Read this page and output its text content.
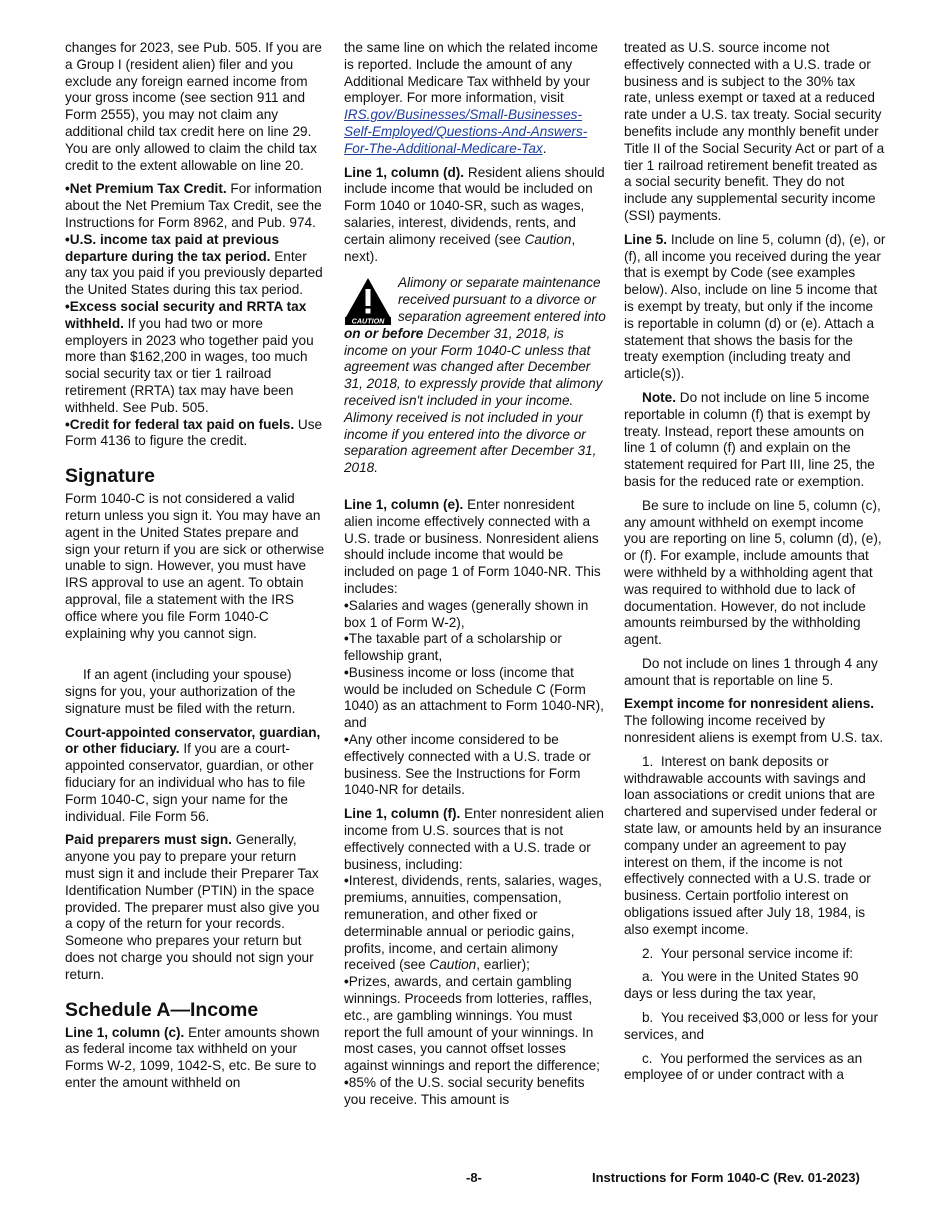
changes for 2023, see Pub. 505. If you are a Group I (resident alien) filer and you exclude any foreign earned income from your gross income (see section 911 and Form 2555), you may not claim any additional child tax credit here on line 29. You are only allowed to claim the child tax credit to the extent allowable on line 20.

• Net Premium Tax Credit. For information about the Net Premium Tax Credit, see the Instructions for Form 8962, and Pub. 974.

• U.S. income tax paid at previous departure during the tax period. Enter any tax you paid if you previously departed the United States during this tax period.

• Excess social security and RRTA tax withheld. If you had two or more employers in 2023 who together paid you more than $162,200 in wages, too much social security tax or tier 1 railroad retirement (RRTA) tax may have been withheld. See Pub. 505.

• Credit for federal tax paid on fuels. Use Form 4136 to figure the credit.

Signature

Form 1040-C is not considered a valid return unless you sign it. You may have an agent in the United States prepare and sign your return if you are sick or otherwise unable to sign. However, you must have IRS approval to use an agent. To obtain approval, file a statement with the IRS office where you file Form 1040-C explaining why you cannot sign.

If an agent (including your spouse) signs for you, your authorization of the signature must be filed with the return.

Court-appointed conservator, guardian, or other fiduciary. If you are a court-appointed conservator, guardian, or other fiduciary for an individual who has to file Form 1040-C, sign your name for the individual. File Form 56.

Paid preparers must sign. Generally, anyone you pay to prepare your return must sign it and include their Preparer Tax Identification Number (PTIN) in the space provided. The preparer must also give you a copy of the return for your records. Someone who prepares your return but does not charge you should not sign your return.

Schedule A—Income

Line 1, column (c). Enter amounts shown as federal income tax withheld on your Forms W-2, 1099, 1042-S, etc. Be sure to enter the amount withheld on

the same line on which the related income is reported. Include the amount of any Additional Medicare Tax withheld by your employer. For more information, visit IRS.gov/Businesses/Small-Businesses-Self-Employed/Questions-And-Answers-For-The-Additional-Medicare-Tax.

Line 1, column (d). Resident aliens should include income that would be included on Form 1040 or 1040-SR, such as wages, salaries, interest, dividends, rents, and certain alimony received (see Caution, next).

CAUTION
Alimony or separate maintenance received pursuant to a divorce or separation agreement entered into on or before December 31, 2018, is income on your Form 1040-C unless that agreement was changed after December 31, 2018, to expressly provide that alimony received isn't included in your income. Alimony received is not included in your income if you entered into the divorce or separation agreement after December 31, 2018.

Line 1, column (e). Enter nonresident alien income effectively connected with a U.S. trade or business. Nonresident aliens should include income that would be included on page 1 of Form 1040-NR. This includes:

• Salaries and wages (generally shown in box 1 of Form W-2),

• The taxable part of a scholarship or fellowship grant,

• Business income or loss (income that would be included on Schedule C (Form 1040) as an attachment to Form 1040-NR), and

• Any other income considered to be effectively connected with a U.S. trade or business. See the Instructions for Form 1040-NR for details.

Line 1, column (f). Enter nonresident alien income from U.S. sources that is not effectively connected with a U.S. trade or business, including:

• Interest, dividends, rents, salaries, wages, premiums, annuities, compensation, remuneration, and other fixed or determinable annual or periodic gains, profits, income, and certain alimony received (see Caution, earlier);

• Prizes, awards, and certain gambling winnings. Proceeds from lotteries, raffles, etc., are gambling winnings. You must report the full amount of your winnings. In most cases, you cannot offset losses against winnings and report the difference;

• 85% of the U.S. social security benefits you receive. This amount is

treated as U.S. source income not effectively connected with a U.S. trade or business and is subject to the 30% tax rate, unless exempt or taxed at a reduced rate under a U.S. tax treaty. Social security benefits include any monthly benefit under Title II of the Social Security Act or part of a tier 1 railroad retirement benefit treated as a social security benefit. They do not include any supplemental security income (SSI) payments.

Line 5. Include on line 5, column (d), (e), or (f), all income you received during the year that is exempt by Code (see examples below). Also, include on line 5 income that is exempt by treaty, but only if the income is reportable in column (d) or (e). Attach a statement that shows the basis for the treaty exemption (including treaty and article(s)).

Note. Do not include on line 5 income reportable in column (f) that is exempt by treaty. Instead, report these amounts on line 1 of column (f) and explain on the statement required for Part III, line 25, the basis for the reduced rate or exemption.

Be sure to include on line 5, column (c), any amount withheld on exempt income you are reporting on line 5, column (d), (e), or (f). For example, include amounts that were withheld by a withholding agent that was required to withhold due to lack of documentation. However, do not include amounts reimbursed by the withholding agent.

Do not include on lines 1 through 4 any amount that is reportable on line 5.

Exempt income for nonresident aliens. The following income received by nonresident aliens is exempt from U.S. tax.

1.  Interest on bank deposits or withdrawable accounts with savings and loan associations or credit unions that are chartered and supervised under federal or state law, or amounts held by an insurance company under an agreement to pay interest on them, if the income is not effectively connected with a U.S. trade or business. Certain portfolio interest on obligations issued after July 18, 1984, is also exempt income.

2.  Your personal service income if:

a.  You were in the United States 90 days or less during the tax year,

b.  You received $3,000 or less for your services, and

c.  You performed the services as an employee of or under contract with a

-8-	Instructions for Form 1040-C (Rev. 01-2023)
